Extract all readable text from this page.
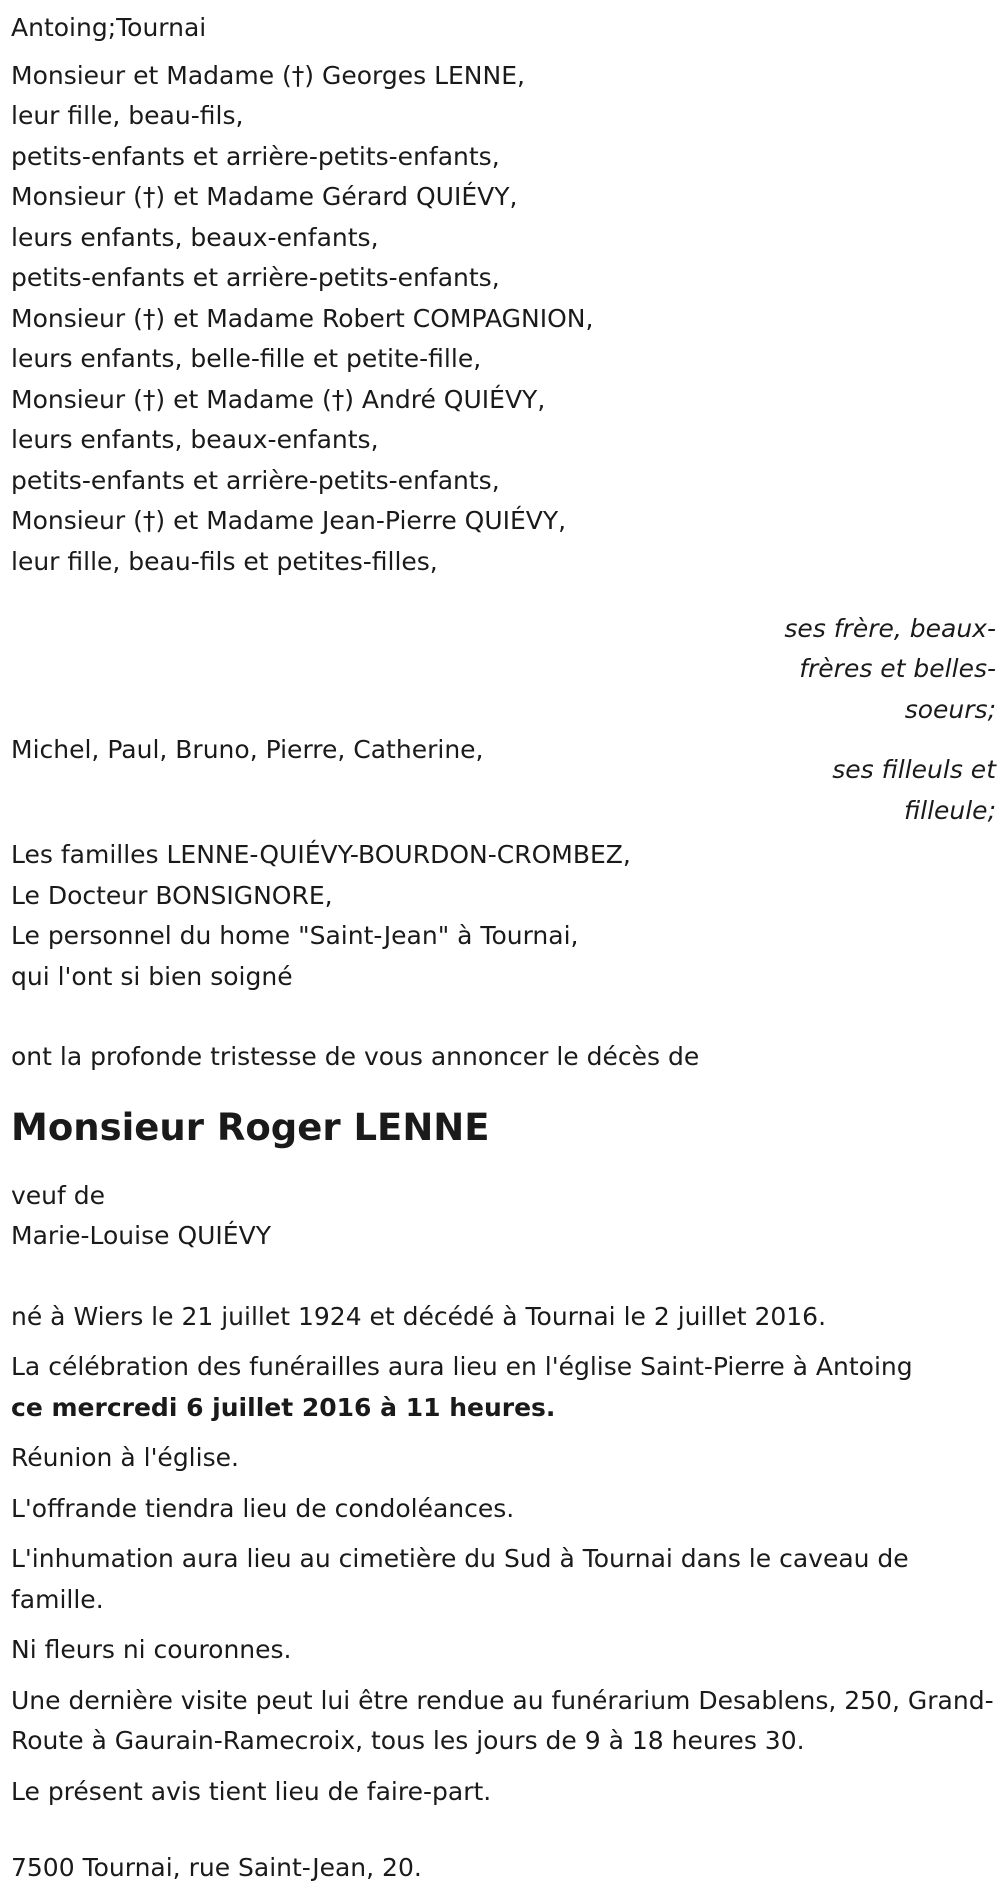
Antoing;Tournai
Monsieur et Madame (†) Georges LENNE,
leur fille, beau-fils,
petits-enfants et arrière-petits-enfants,
Monsieur (†) et Madame Gérard QUIÉVY,
leurs enfants, beaux-enfants,
petits-enfants et arrière-petits-enfants,
Monsieur (†) et Madame Robert COMPAGNION,
leurs enfants, belle-fille et petite-fille,
Monsieur (†) et Madame (†) André QUIÉVY,
leurs enfants, beaux-enfants,
petits-enfants et arrière-petits-enfants,
Monsieur (†) et Madame Jean-Pierre QUIÉVY,
leur fille, beau-fils et petites-filles,
ses frère, beaux-
frères et belles-
soeurs;
Michel, Paul, Bruno, Pierre, Catherine,
ses filleuls et
filleule;
Les familles LENNE-QUIÉVY-BOURDON-CROMBEZ,
Le Docteur BONSIGNORE,
Le personnel du home "Saint-Jean" à Tournai,
qui l'ont si bien soigné
ont la profonde tristesse de vous annoncer le décès de
Monsieur Roger LENNE
veuf de
Marie-Louise QUIÉVY
né à Wiers le 21 juillet 1924 et décédé à Tournai le 2 juillet 2016.
La célébration des funérailles aura lieu en l'église Saint-Pierre à Antoing
ce mercredi 6 juillet 2016 à 11 heures.
Réunion à l'église.
L'offrande tiendra lieu de condoléances.
L'inhumation aura lieu au cimetière du Sud à Tournai dans le caveau de famille.
Ni fleurs ni couronnes.
Une dernière visite peut lui être rendue au funérarium Desablens, 250, Grand-Route à Gaurain-Ramecroix, tous les jours de 9 à 18 heures 30.
Le présent avis tient lieu de faire-part.
7500 Tournai, rue Saint-Jean, 20.
